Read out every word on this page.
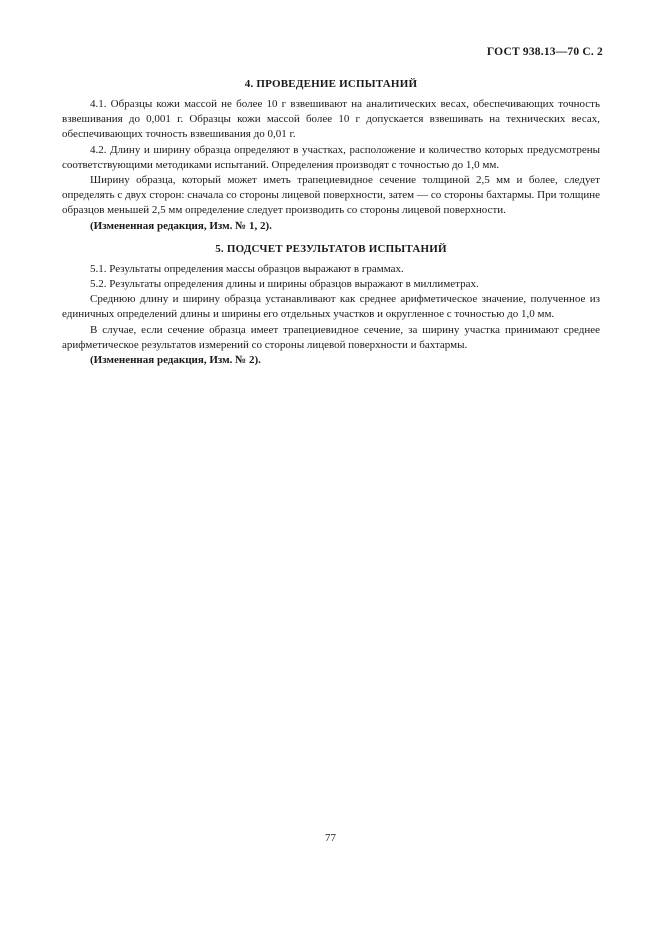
ГОСТ 938.13—70 С. 2
4. ПРОВЕДЕНИЕ ИСПЫТАНИЙ

4.1. Образцы кожи массой не более 10 г взвешивают на аналитических весах, обеспечивающих точность взвешивания до 0,001 г. Образцы кожи массой более 10 г допускается взвешивать на технических весах, обеспечивающих точность взвешивания до 0,01 г.

4.2. Длину и ширину образца определяют в участках, расположение и количество которых предусмотрены соответствующими методиками испытаний. Определения производят с точностью до 1,0 мм.

Ширину образца, который может иметь трапециевидное сечение толщиной 2,5 мм и более, следует определять с двух сторон: сначала со стороны лицевой поверхности, затем — со стороны бахтармы. При толщине образцов меньшей 2,5 мм определение следует производить со стороны лицевой поверхности.

(Измененная редакция, Изм. № 1, 2).

5. ПОДСЧЕТ РЕЗУЛЬТАТОВ ИСПЫТАНИЙ

5.1. Результаты определения массы образцов выражают в граммах.

5.2. Результаты определения длины и ширины образцов выражают в миллиметрах.

Среднюю длину и ширину образца устанавливают как среднее арифметическое значение, полученное из единичных определений длины и ширины его отдельных участков и округленное с точностью до 1,0 мм.

В случае, если сечение образца имеет трапециевидное сечение, за ширину участка принимают среднее арифметическое результатов измерений со стороны лицевой поверхности и бахтармы.

(Измененная редакция, Изм. № 2).

77
